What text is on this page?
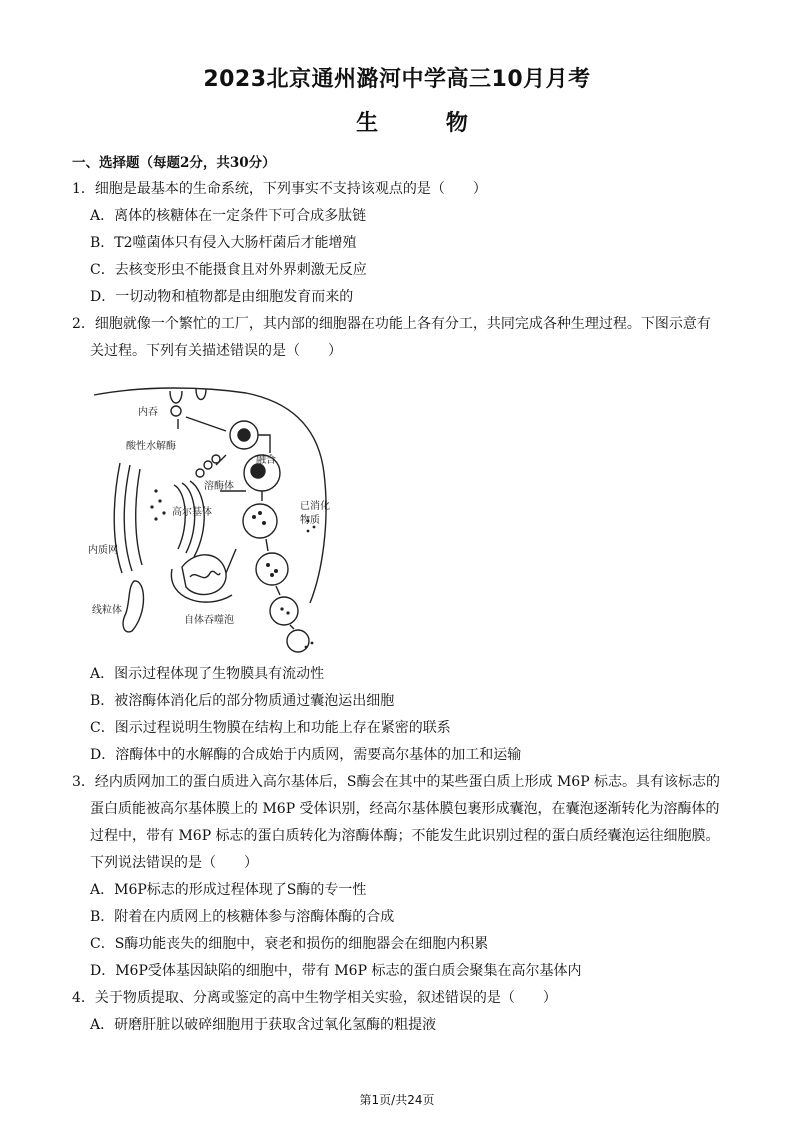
2023北京通州潞河中学高三10月月考
生 物
一、选择题（每题2分，共30分）
1．细胞是最基本的生命系统，下列事实不支持该观点的是（　　）
A．离体的核糖体在一定条件下可合成多肽链
B．T2噬菌体只有侵入大肠杆菌后才能增殖
C．去核变形虫不能摄食且对外界刺激无反应
D．一切动物和植物都是由细胞发育而来的
2．细胞就像一个繁忙的工厂，其内部的细胞器在功能上各有分工，共同完成各种生理过程。下图示意有
关过程。下列有关描述错误的是（　　）
内吞
酸性水解酶
融合
溶酶体
高尔基体
已消化
物质
内质网
线粒体
自体吞噬泡
A．图示过程体现了生物膜具有流动性
B．被溶酶体消化后的部分物质通过囊泡运出细胞
C．图示过程说明生物膜在结构上和功能上存在紧密的联系
D．溶酶体中的水解酶的合成始于内质网，需要高尔基体的加工和运输
3．经内质网加工的蛋白质进入高尔基体后，S酶会在其中的某些蛋白质上形成 M6P 标志。具有该标志的
蛋白质能被高尔基体膜上的 M6P 受体识别，经高尔基体膜包裹形成囊泡，在囊泡逐渐转化为溶酶体的
过程中，带有 M6P 标志的蛋白质转化为溶酶体酶；不能发生此识别过程的蛋白质经囊泡运往细胞膜。
下列说法错误的是（　　）
A．M6P标志的形成过程体现了S酶的专一性
B．附着在内质网上的核糖体参与溶酶体酶的合成
C．S酶功能丧失的细胞中，衰老和损伤的细胞器会在细胞内积累
D．M6P受体基因缺陷的细胞中，带有 M6P 标志的蛋白质会聚集在高尔基体内
4．关于物质提取、分离或鉴定的高中生物学相关实验，叙述错误的是（　　）
A．研磨肝脏以破碎细胞用于获取含过氧化氢酶的粗提液
第1页/共24页
